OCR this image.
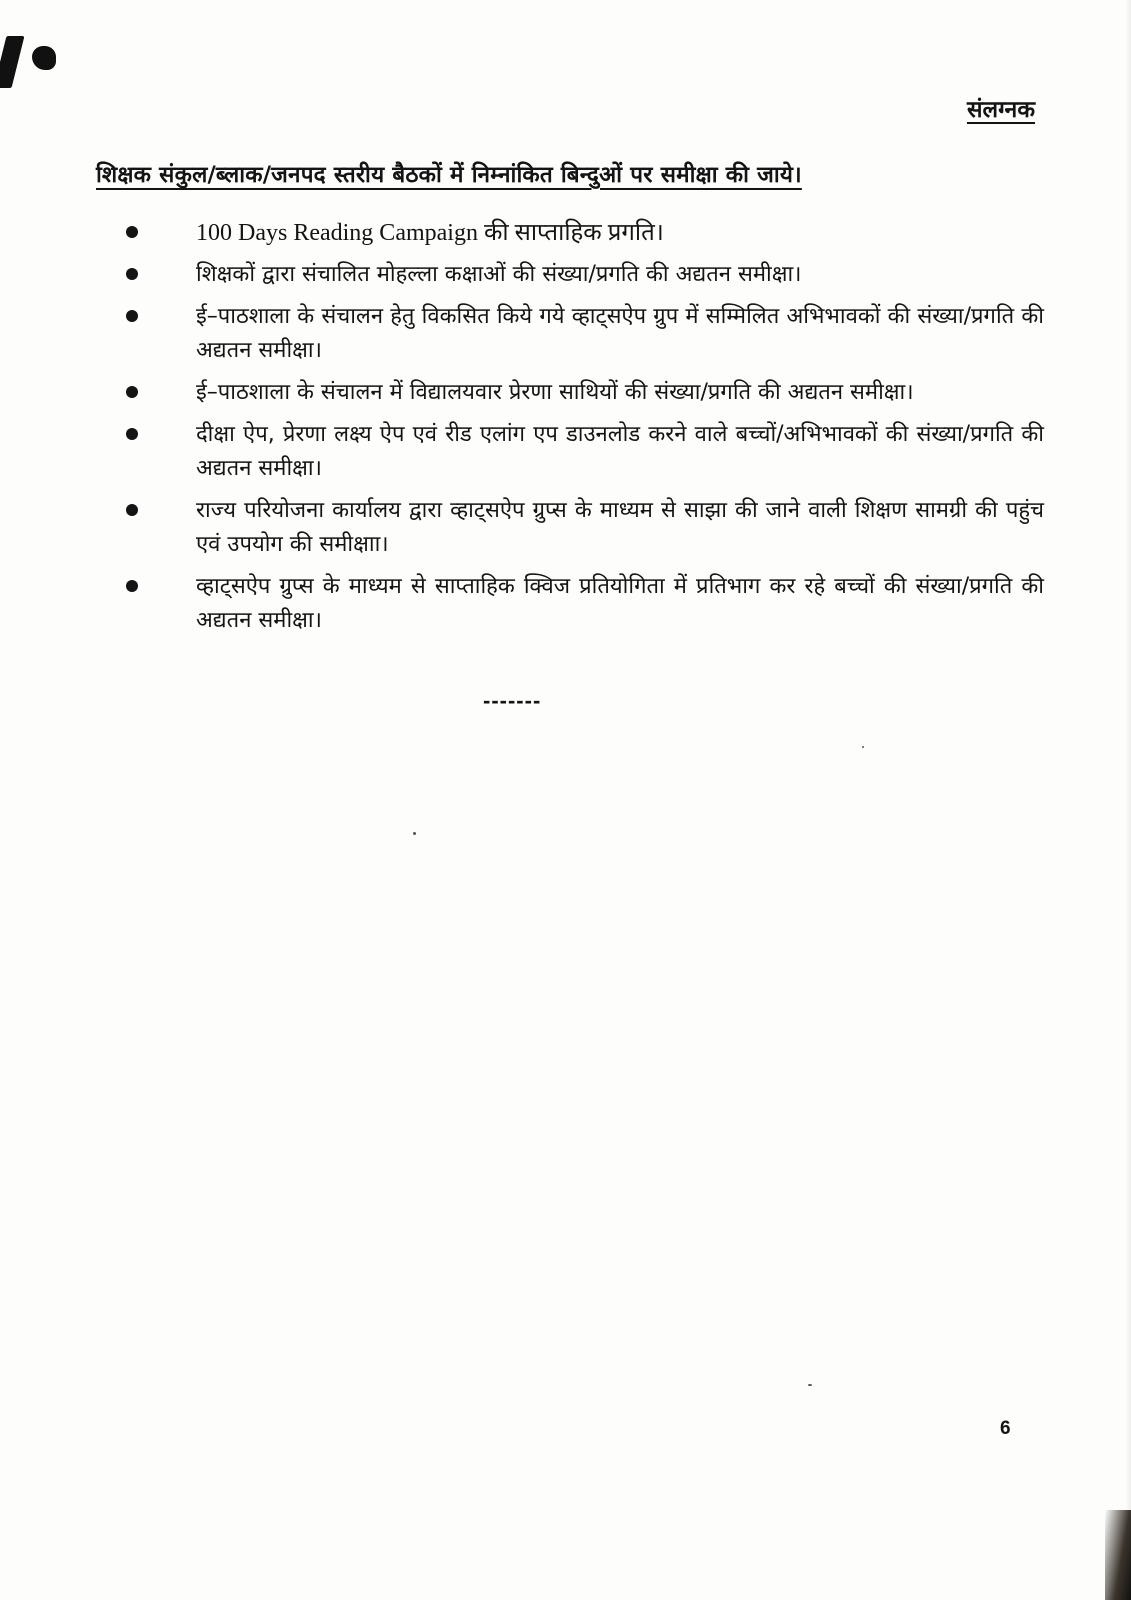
संलग्नक
शिक्षक संकुल/ब्लाक/जनपद स्तरीय बैठकों में निम्नांकित बिन्दुओं पर समीक्षा की जाये।
100 Days Reading Campaign की साप्ताहिक प्रगति।
शिक्षकों द्वारा संचालित मोहल्ला कक्षाओं की संख्या/प्रगति की अद्यतन समीक्षा।
ई–पाठशाला के संचालन हेतु विकसित किये गये व्हाट्सऐप ग्रुप में सम्मिलित अभिभावकों की संख्या/प्रगति की अद्यतन समीक्षा।
ई–पाठशाला के संचालन में विद्यालयवार प्रेरणा साथियों की संख्या/प्रगति की अद्यतन समीक्षा।
दीक्षा ऐप, प्रेरणा लक्ष्य ऐप एवं रीड एलांग एप डाउनलोड करने वाले बच्चों/अभिभावकों की संख्या/प्रगति की अद्यतन समीक्षा।
राज्य परियोजना कार्यालय द्वारा व्हाट्सऐप ग्रुप्स के माध्यम से साझा की जाने वाली शिक्षण सामग्री की पहुंच एवं उपयोग की समीक्षाा।
व्हाट्सऐप ग्रुप्स के माध्यम से साप्ताहिक क्विज प्रतियोगिता में प्रतिभाग कर रहे बच्चों की संख्या/प्रगति की अद्यतन समीक्षा।
-------
6
